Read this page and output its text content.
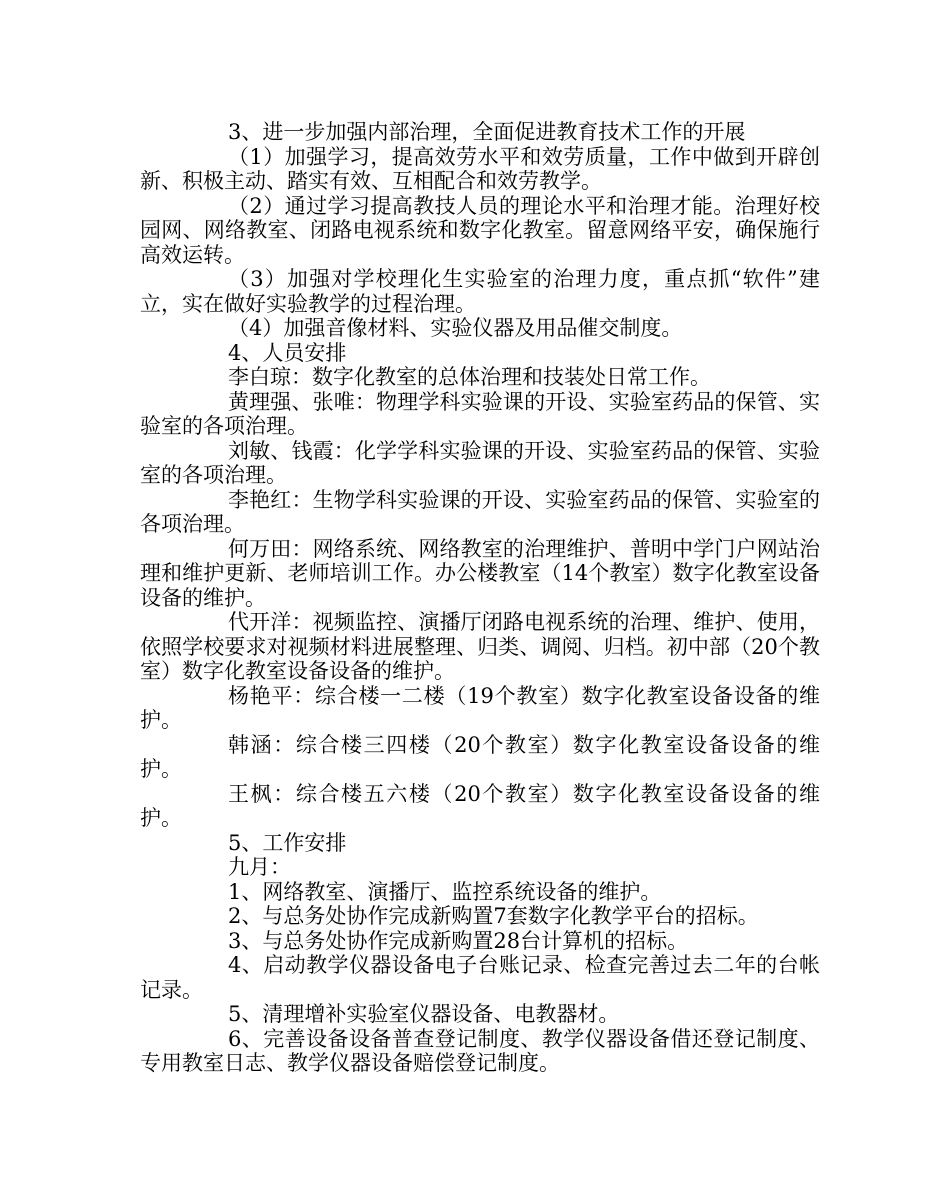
3、进一步加强内部治理，全面促进教育技术工作的开展

（1）加强学习，提高效劳水平和效劳质量，工作中做到开辟创新、积极主动、踏实有效、互相配合和效劳教学。

（2）通过学习提高教技人员的理论水平和治理才能。治理好校园网、网络教室、闭路电视系统和数字化教室。留意网络平安，确保施行高效运转。

（3）加强对学校理化生实验室的治理力度，重点抓“软件”建立，实在做好实验教学的过程治理。

（4）加强音像材料、实验仪器及用品催交制度。

4、人员安排

李白琼：数字化教室的总体治理和技装处日常工作。

黄理强、张唯：物理学科实验课的开设、实验室药品的保管、实验室的各项治理。

刘敏、钱霞：化学学科实验课的开设、实验室药品的保管、实验室的各项治理。

李艳红：生物学科实验课的开设、实验室药品的保管、实验室的各项治理。

何万田：网络系统、网络教室的治理维护、普明中学门户网站治理和维护更新、老师培训工作。办公楼教室（14个教室）数字化教室设备设备的维护。

代开洋：视频监控、演播厅闭路电视系统的治理、维护、使用，依照学校要求对视频材料进展整理、归类、调阅、归档。初中部（20个教室）数字化教室设备设备的维护。

杨艳平：综合楼一二楼（19个教室）数字化教室设备设备的维护。

韩涵：综合楼三四楼（20个教室）数字化教室设备设备的维护。

王枫：综合楼五六楼（20个教室）数字化教室设备设备的维护。

5、工作安排

九月：

1、网络教室、演播厅、监控系统设备的维护。

2、与总务处协作完成新购置7套数字化教学平台的招标。

3、与总务处协作完成新购置28台计算机的招标。

4、启动教学仪器设备电子台账记录、检查完善过去二年的台帐记录。

5、清理增补实验室仪器设备、电教器材。

6、完善设备设备普查登记制度、教学仪器设备借还登记制度、专用教室日志、教学仪器设备赔偿登记制度。
